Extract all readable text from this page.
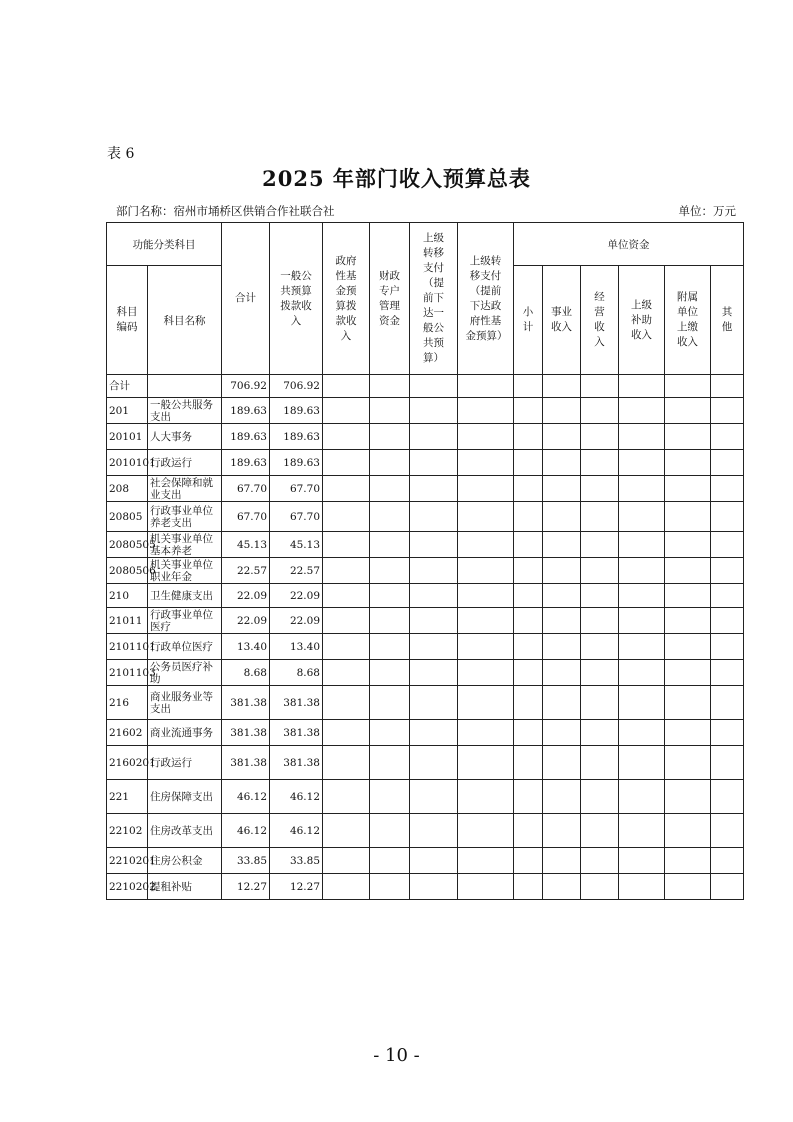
表 6
2025 年部门收入预算总表
部门名称：宿州市埇桥区供销合作社联合社	单位：万元
功能分类科目		合计	一般公共预算拨款收入	政府性基金预算拨款收入	财政专户管理资金	上级转移支付（提前下达一般公共预算）	上级转移支付（提前下达政府性基金预算）	单位资金					

科目编码	科目名称							小计	事业收入	经营收入	上级补助收入	附属单位上缴收入	其他

合计		706.92	706.92										
201	一般公共服务支出	189.63	189.63										
20101	人大事务	189.63	189.63										
2010101	行政运行	189.63	189.63										
208	社会保障和就业支出	67.70	67.70										
20805	行政事业单位养老支出	67.70	67.70										
2080505	机关事业单位基本养老	45.13	45.13										
2080506	机关事业单位职业年金	22.57	22.57										
210	卫生健康支出	22.09	22.09										
21011	行政事业单位医疗	22.09	22.09										
2101101	行政单位医疗	13.40	13.40										
2101103	公务员医疗补助	8.68	8.68										
216	商业服务业等支出	381.38	381.38										
21602	商业流通事务	381.38	381.38										
2160201	行政运行	381.38	381.38										
221	住房保障支出	46.12	46.12										
22102	住房改革支出	46.12	46.12										
2210201	住房公积金	33.85	33.85										
2210202	提租补贴	12.27	12.27										
- 10 -
